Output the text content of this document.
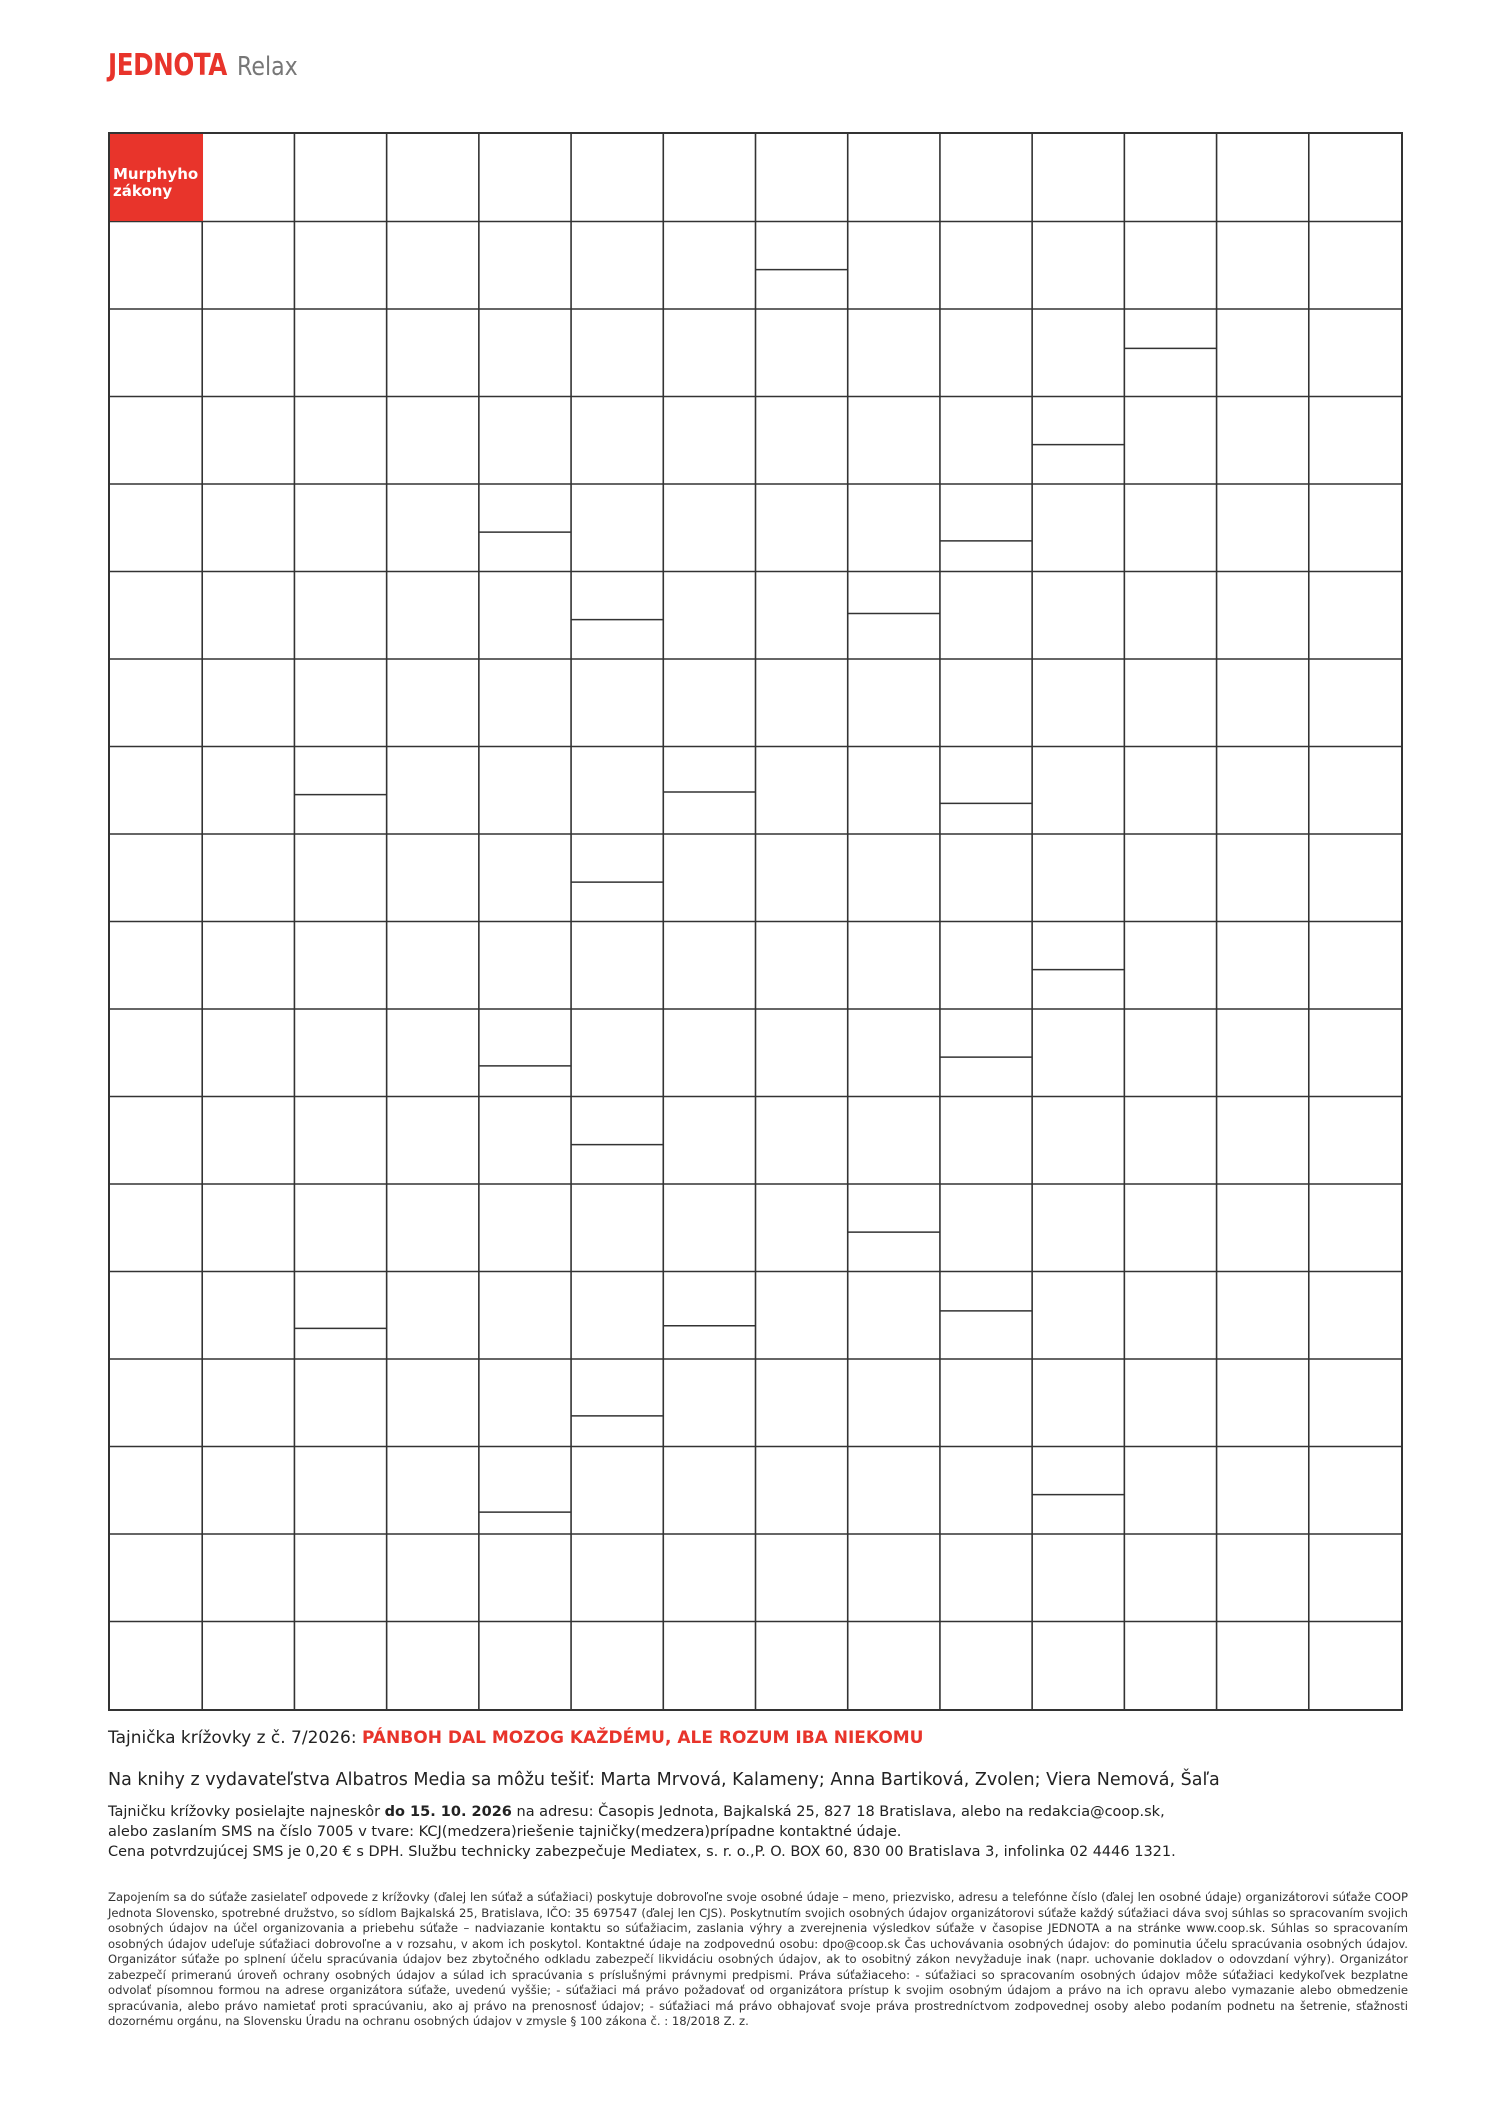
JEDNOTA Relax
Murphyho
zákony
Tajnička krížovky z č. 7/2026: PÁNBOH DAL MOZOG KAŽDÉMU, ALE ROZUM IBA NIEKOMU
Na knihy z vydavateľstva Albatros Media sa môžu tešiť: Marta Mrvová, Kalameny; Anna Bartiková, Zvolen; Viera Nemová, Šaľa
Tajničku krížovky posielajte najneskôr do 15. 10. 2026 na adresu: Časopis Jednota, Bajkalská 25, 827 18 Bratislava, alebo na redakcia@coop.sk,
alebo zaslaním SMS na číslo 7005 v tvare: KCJ(medzera)riešenie tajničky(medzera)prípadne kontaktné údaje.
Cena potvrdzujúcej SMS je 0,20 € s DPH. Službu technicky zabezpečuje Mediatex, s. r. o.,P. O. BOX 60, 830 00 Bratislava 3, infolinka 02 4446 1321.
Zapojením sa do súťaže zasielateľ odpovede z krížovky (ďalej len súťaž a súťažiaci) poskytuje dobrovoľne svoje osobné údaje – meno, priezvisko, adresu a telefónne číslo (ďalej len osobné údaje) organizátorovi súťaže COOP Jednota Slovensko, spotrebné družstvo, so sídlom Bajkalská 25, Bratislava, IČO: 35 697547 (ďalej len CJS). Poskytnutím svojich osobných údajov organizátorovi súťaže každý súťažiaci dáva svoj súhlas so spracovaním svojich osobných údajov na účel organizovania a priebehu súťaže – nadviazanie kontaktu so súťažiacim, zaslania výhry a zverejnenia výsledkov súťaže v časopise JEDNOTA a na stránke www.coop.sk. Súhlas so spracovaním osobných údajov udeľuje súťažiaci dobrovoľne a v rozsahu, v akom ich poskytol. Kontaktné údaje na zodpovednú osobu: dpo@coop.sk Čas uchovávania osobných údajov: do pominutia účelu spracúvania osobných údajov. Organizátor súťaže po splnení účelu spracúvania údajov bez zbytočného odkladu zabezpečí likvidáciu osobných údajov, ak to osobitný zákon nevyžaduje inak (napr. uchovanie dokladov o odovzdaní výhry). Organizátor zabezpečí primeranú úroveň ochrany osobných údajov a súlad ich spracúvania s príslušnými právnymi predpismi. Práva súťažiaceho: - súťažiaci so spracovaním osobných údajov môže súťažiaci kedykoľvek bezplatne odvolať písomnou formou na adrese organizátora súťaže, uvedenú vyššie; - súťažiaci má právo požadovať od organizátora prístup k svojim osobným údajom a právo na ich opravu alebo vymazanie alebo obmedzenie spracúvania, alebo právo namietať proti spracúvaniu, ako aj právo na prenosnosť údajov; - súťažiaci má právo obhajovať svoje práva prostredníctvom zodpovednej osoby alebo podaním podnetu na šetrenie, sťažnosti dozornému orgánu, na Slovensku Úradu na ochranu osobných údajov v zmysle § 100 zákona č. : 18/2018 Z. z.
